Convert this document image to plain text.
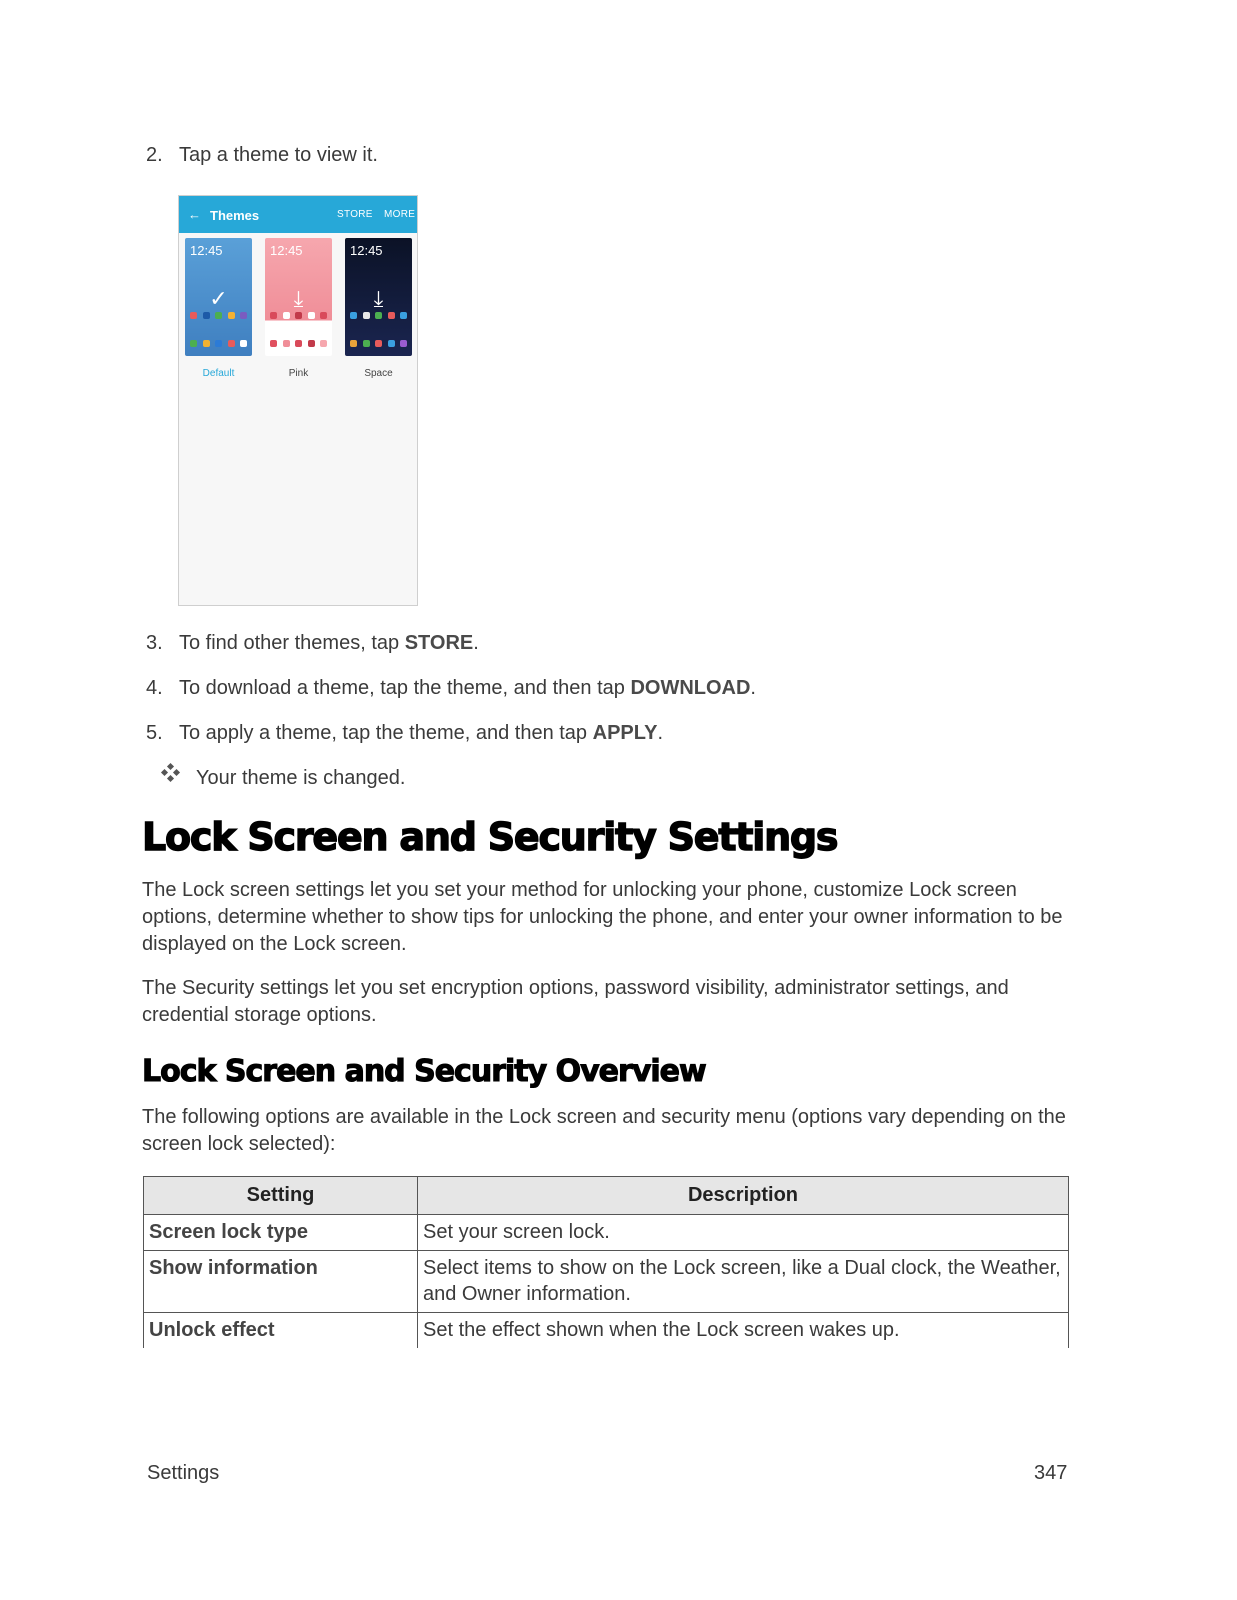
2. Tap a theme to view it.
← Themes	STORE MORE
12:45
✓
Default
12:45
⤓
Pink
12:45
⤓
Space
3. To find other themes, tap STORE.
4. To download a theme, tap the theme, and then tap DOWNLOAD.
5. To apply a theme, tap the theme, and then tap APPLY.
Your theme is changed.
Lock Screen and Security Settings

The Lock screen settings let you set your method for unlocking your phone, customize Lock screen options, determine whether to show tips for unlocking the phone, and enter your owner information to be displayed on the Lock screen.

The Security settings let you set encryption options, password visibility, administrator settings, and credential storage options.

Lock Screen and Security Overview

The following options are available in the Lock screen and security menu (options vary depending on the screen lock selected):

Setting	Description
Screen lock type	Set your screen lock.
Show information	Select items to show on the Lock screen, like a Dual clock, the Weather, and Owner information.
Unlock effect	Set the effect shown when the Lock screen wakes up.
Settings	347
